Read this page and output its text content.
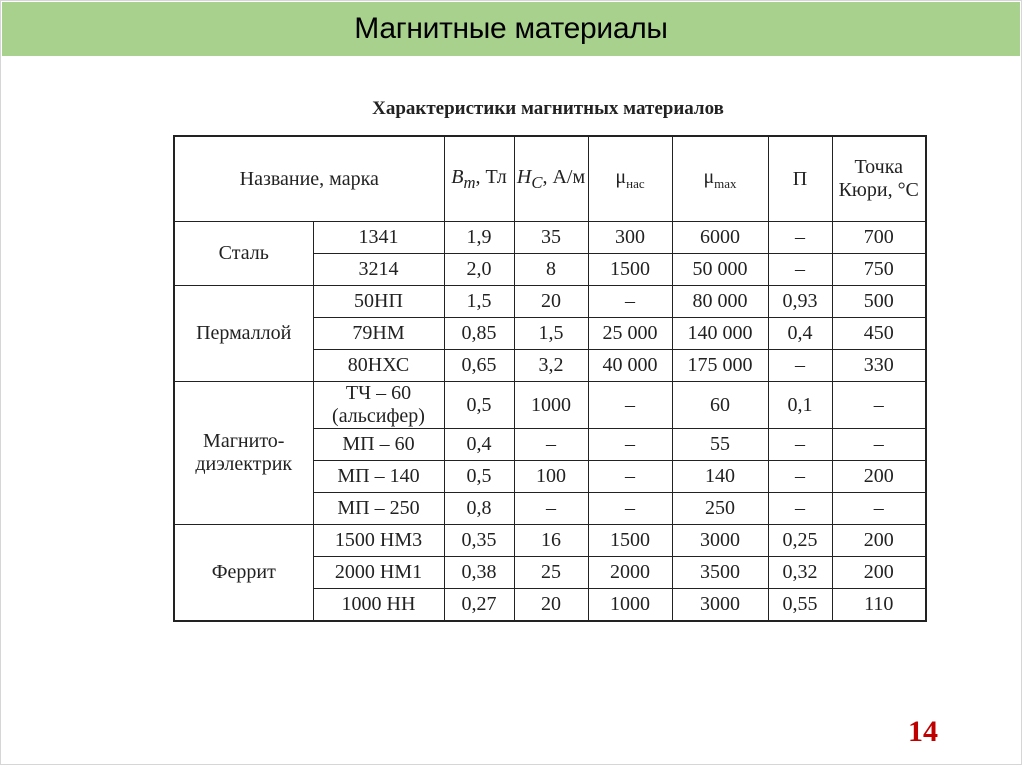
Магнитные материалы
Характеристики магнитных материалов
Название, марка		$B_m$, Тл	$H_C$, А/м	$\mu_{нас}$	$\mu_{max}$	П	Точка Кюри, °С
Сталь	1341	1,9	35	300	6000	–	700
	3214	2,0	8	1500	50 000	–	750
Пермаллой	50НП	1,5	20	–	80 000	0,93	500
	79НМ	0,85	1,5	25 000	140 000	0,4	450
	80НХС	0,65	3,2	40 000	175 000	–	330
Магнито-диэлектрик	ТЧ – 60 (альсифер)	0,5	1000	–	60	0,1	–
	МП – 60	0,4	–	–	55	–	–
	МП – 140	0,5	100	–	140	–	200
	МП – 250	0,8	–	–	250	–	–
Феррит	1500 НМ3	0,35	16	1500	3000	0,25	200
	2000 НМ1	0,38	25	2000	3500	0,32	200
	1000 НН	0,27	20	1000	3000	0,55	110
14
